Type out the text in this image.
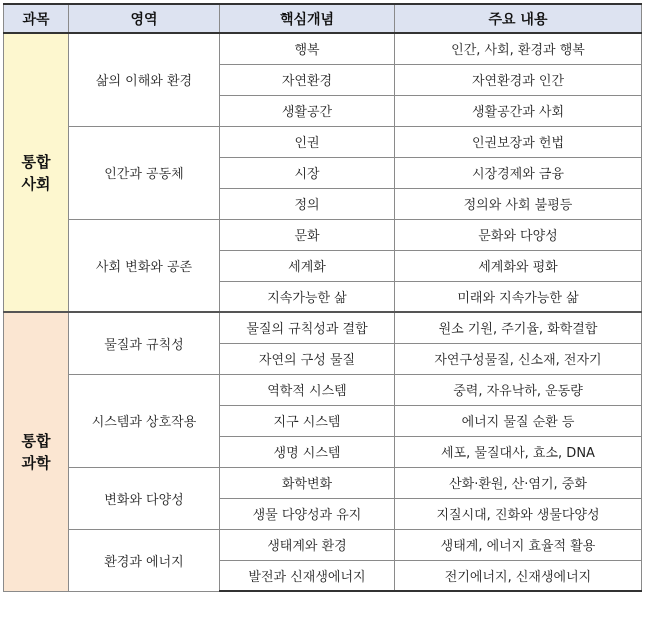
과목	영역	핵심개념	주요 내용
통합
사회	삶의 이해와 환경	행복	인간, 사회, 환경과 행복
		자연환경	자연환경과 인간
		생활공간	생활공간과 사회
	인간과 공동체	인권	인권보장과 헌법
		시장	시장경제와 금융
		정의	정의와 사회 불평등
	사회 변화와 공존	문화	문화와 다양성
		세계화	세계화와 평화
		지속가능한 삶	미래와 지속가능한 삶
통합
과학	물질과 규칙성	물질의 규칙성과 결합	원소 기원, 주기율, 화학결합
		자연의 구성 물질	자연구성물질, 신소재, 전자기
	시스템과 상호작용	역학적 시스템	중력, 자유낙하, 운동량
		지구 시스템	에너지 물질 순환 등
		생명 시스템	세포, 물질대사, 효소, DNA
	변화와 다양성	화학변화	산화·환원, 산·염기, 중화
		생물 다양성과 유지	지질시대, 진화와 생물다양성
	환경과 에너지	생태계와 환경	생태계, 에너지 효율적 활용
		발전과 신재생에너지	전기에너지, 신재생에너지
